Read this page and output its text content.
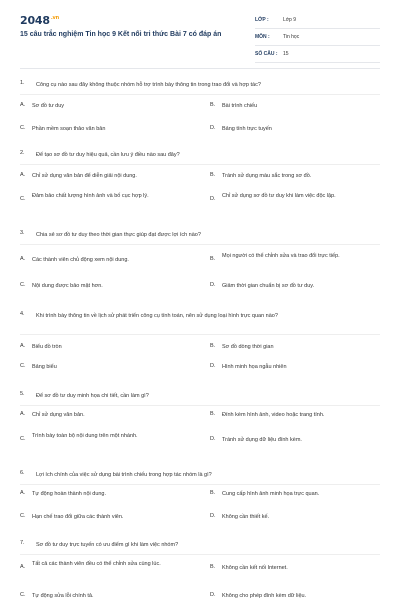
$2048^{.vn}$
15 câu trắc nghiệm Tin học 9 Kết nối tri thức Bài 7 có đáp án
LỚP :	Lớp 9
MÔN :	Tin học
SỐ CÂU : 15
1. Công cụ nào sau đây không thuộc nhóm hỗ trợ trình bày thông tin trong trao đổi và hợp tác?
A. Sơ đồ tư duy	B. Bài trình chiếu
C. Phần mềm soạn thảo văn bản	D. Bảng tính trực tuyến
2. Để tạo sơ đồ tư duy hiệu quả, cần lưu ý điều nào sau đây?
A. Chỉ sử dụng văn bản để diễn giải nội dung.	B. Tránh sử dụng màu sắc trong sơ đồ.
C. Đảm bảo chất lượng hình ảnh và bố cục hợp lý.	D. Chỉ sử dụng sơ đồ tư duy khi làm việc độc lập.
3. Chia sẻ sơ đồ tư duy theo thời gian thực giúp đạt được lợi ích nào?
A. Các thành viên chủ động xem nội dung.	B. Mọi người có thể chỉnh sửa và trao đổi trực tiếp.
C. Nội dung được bảo mật hơn.	D. Giảm thời gian chuẩn bị sơ đồ tư duy.
4. Khi trình bày thông tin về lịch sử phát triển công cụ tính toán, nên sử dụng loại hình trực quan nào?
A. Biểu đồ tròn	B. Sơ đồ dòng thời gian
C. Bảng biểu	D. Hình minh họa ngẫu nhiên
5. Để sơ đồ tư duy minh họa chi tiết, cần làm gì?
A. Chỉ sử dụng văn bản.	B. Đính kèm hình ảnh, video hoặc trang tính.
C. Trình bày toàn bộ nội dung trên một nhánh.	D. Tránh sử dụng dữ liệu đính kèm.
6. Lợi ích chính của việc sử dụng bài trình chiếu trong hợp tác nhóm là gì?
A. Tự động hoàn thành nội dung.	B. Cung cấp hình ảnh minh họa trực quan.
C. Hạn chế trao đổi giữa các thành viên.	D. Không cần thiết kế.
7. Sơ đồ tư duy trực tuyến có ưu điểm gì khi làm việc nhóm?
A. Tất cả các thành viên đều có thể chỉnh sửa cùng lúc.	B. Không cần kết nối Internet.
C. Tự động sửa lỗi chính tả.	D. Không cho phép đính kèm dữ liệu.
